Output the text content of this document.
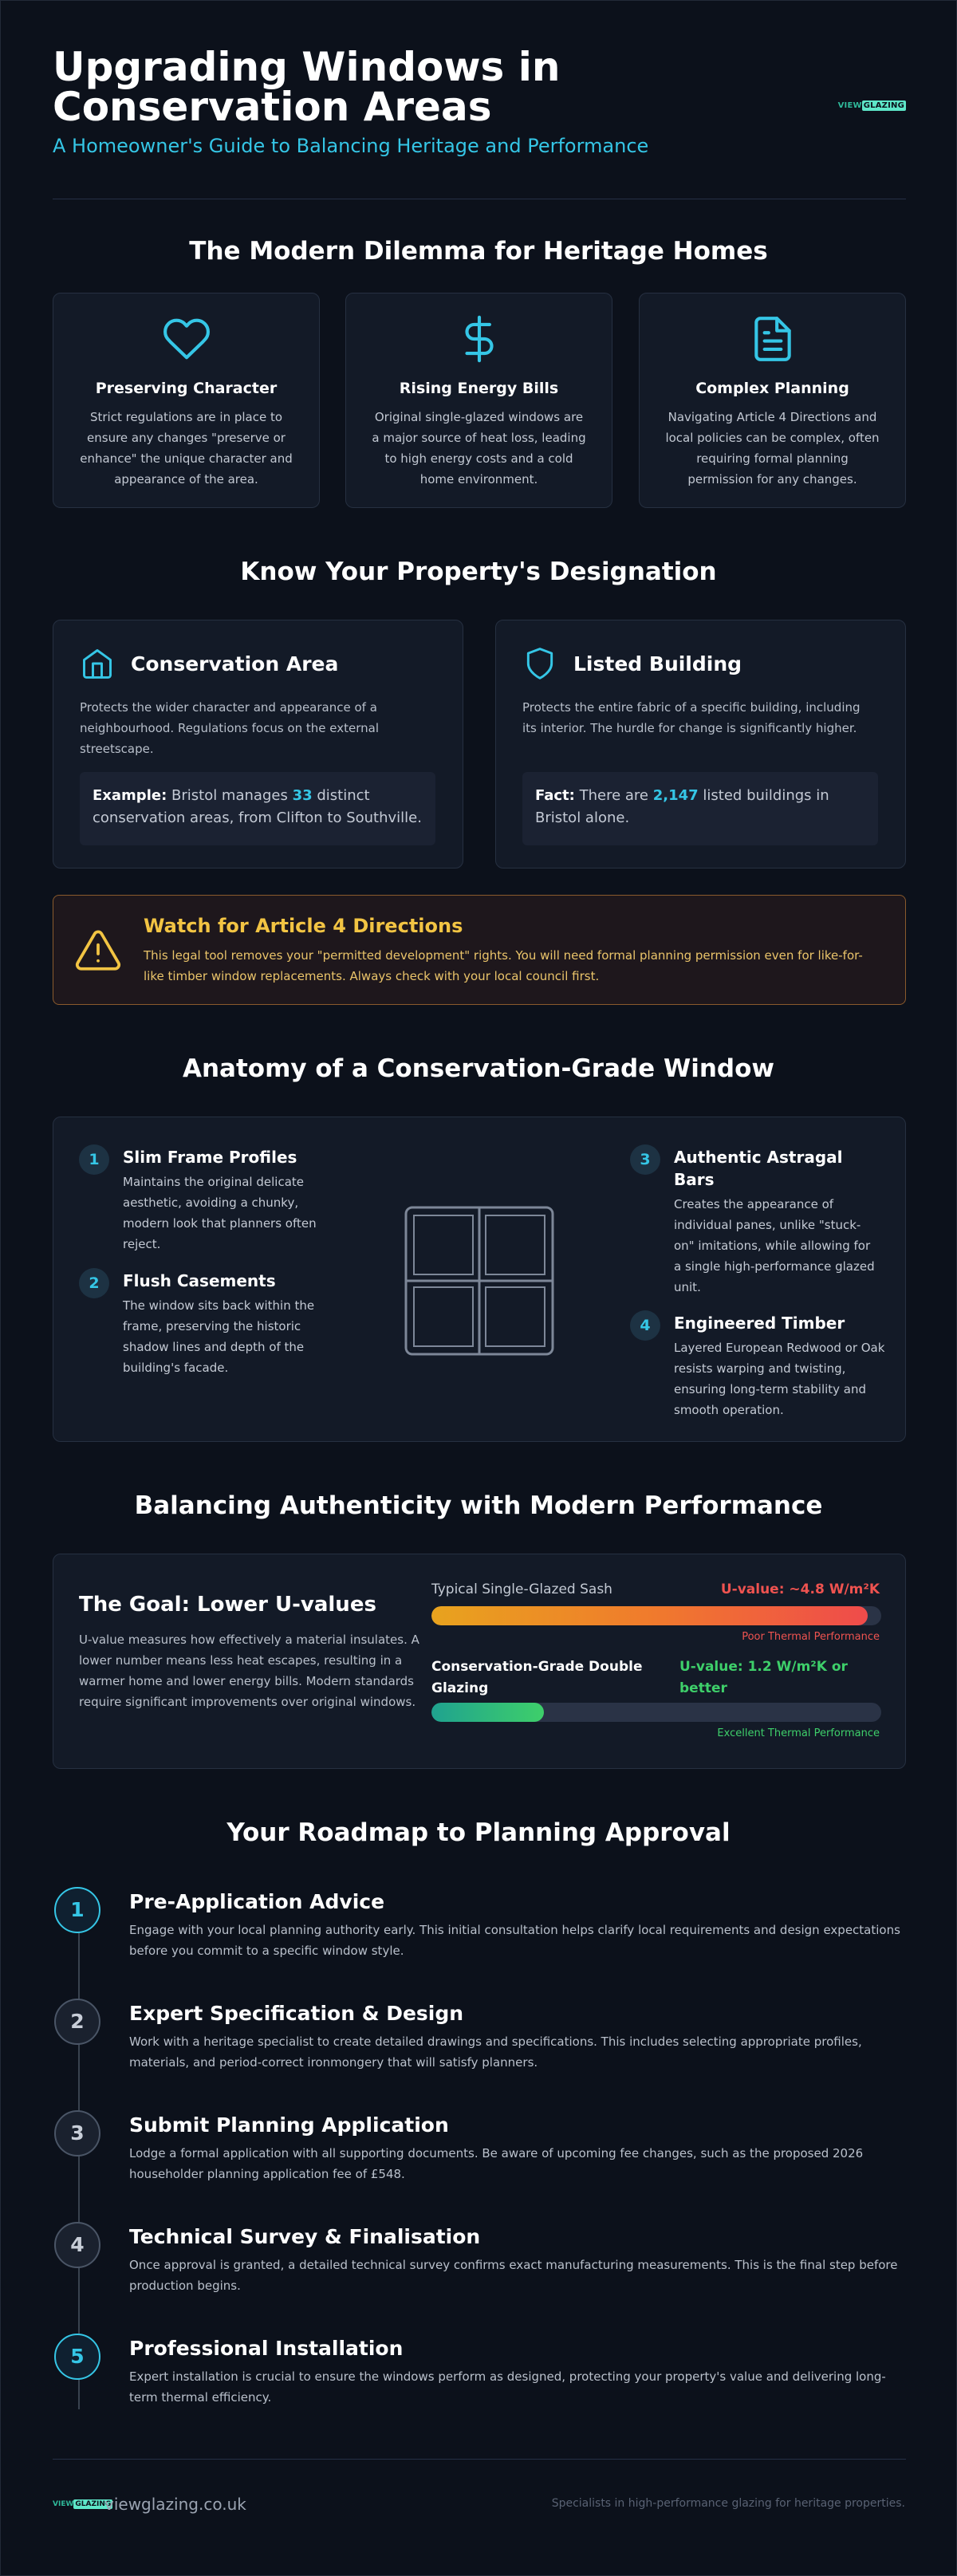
Upgrading Windows in Conservation Areas
A Homeowner's Guide to Balancing Heritage and Performance
VIEW GLAZING
The Modern Dilemma for Heritage Homes
Preserving Character

Strict regulations are in place to ensure any changes "preserve or enhance" the unique character and appearance of the area.

Rising Energy Bills

Original single-glazed windows are a major source of heat loss, leading to high energy costs and a cold home environment.

Complex Planning

Navigating Article 4 Directions and local policies can be complex, often requiring formal planning permission for any changes.

Know Your Property's Designation
Conservation Area
Protects the wider character and appearance of a neighbourhood. Regulations focus on the external streetscape.
Example: Bristol manages 33 distinct conservation areas, from Clifton to Southville.
Listed Building
Protects the entire fabric of a specific building, including its interior. The hurdle for change is significantly higher.
Fact: There are 2,147 listed buildings in Bristol alone.
Watch for Article 4 Directions

This legal tool removes your "permitted development" rights. You will need formal planning permission even for like-for-like timber window replacements. Always check with your local council first.

Anatomy of a Conservation-Grade Window
1	Slim Frame Profiles

Maintains the original delicate aesthetic, avoiding a chunky, modern look that planners often reject.

2	Flush Casements

The window sits back within the frame, preserving the historic shadow lines and depth of the building's facade.

3	Authentic Astragal Bars

Creates the appearance of individual panes, unlike "stuck-on" imitations, while allowing for a single high-performance glazed unit.

4	Engineered Timber

Layered European Redwood or Oak resists warping and twisting, ensuring long-term stability and smooth operation.

Balancing Authenticity with Modern Performance
The Goal: Lower U-values

U-value measures how effectively a material insulates. A lower number means less heat escapes, resulting in a warmer home and lower energy bills. Modern standards require significant improvements over original windows.

Typical Single-Glazed Sash	U-value: ~4.8 W/m²K
Poor Thermal Performance
Conservation-Grade Double Glazing
U-value: 1.2 W/m²K or better
Excellent Thermal Performance
Your Roadmap to Planning Approval
1	Pre-Application Advice

Engage with your local planning authority early. This initial consultation helps clarify local requirements and design expectations before you commit to a specific window style.

2	Expert Specification & Design

Work with a heritage specialist to create detailed drawings and specifications. This includes selecting appropriate profiles, materials, and period-correct ironmongery that will satisfy planners.

3	Submit Planning Application

Lodge a formal application with all supporting documents. Be aware of upcoming fee changes, such as the proposed 2026 householder planning application fee of £548.

4	Technical Survey & Finalisation

Once approval is granted, a detailed technical survey confirms exact manufacturing measurements. This is the final step before production begins.

5	Professional Installation

Expert installation is crucial to ensure the windows perform as designed, protecting your property's value and delivering long-term thermal efficiency.

VIEW GLAZING
viewglazing.co.uk	Specialists in high-performance glazing for heritage properties.
